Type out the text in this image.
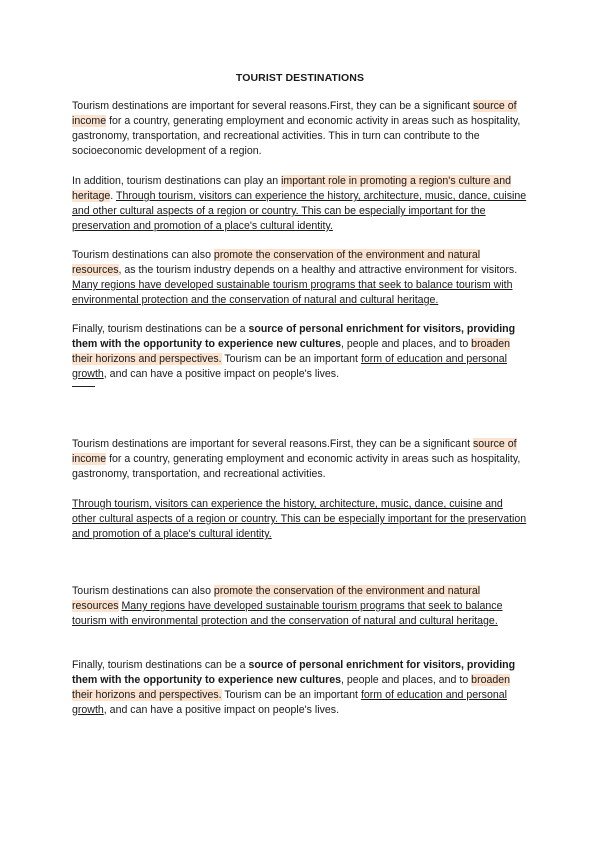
TOURIST DESTINATIONS
Tourism destinations are important for several reasons.First, they can be a significant source of income for a country, generating employment and economic activity in areas such as hospitality, gastronomy, transportation, and recreational activities. This in turn can contribute to the socioeconomic development of a region.
In addition, tourism destinations can play an important role in promoting a region's culture and heritage. Through tourism, visitors can experience the history, architecture, music, dance, cuisine and other cultural aspects of a region or country. This can be especially important for the preservation and promotion of a place's cultural identity.
Tourism destinations can also promote the conservation of the environment and natural resources, as the tourism industry depends on a healthy and attractive environment for visitors. Many regions have developed sustainable tourism programs that seek to balance tourism with environmental protection and the conservation of natural and cultural heritage.
Finally, tourism destinations can be a source of personal enrichment for visitors, providing them with the opportunity to experience new cultures, people and places, and to broaden their horizons and perspectives. Tourism can be an important form of education and personal growth, and can have a positive impact on people's lives.
Tourism destinations are important for several reasons.First, they can be a significant source of income for a country, generating employment and economic activity in areas such as hospitality, gastronomy, transportation, and recreational activities.
Through tourism, visitors can experience the history, architecture, music, dance, cuisine and other cultural aspects of a region or country. This can be especially important for the preservation and promotion of a place's cultural identity.
Tourism destinations can also promote the conservation of the environment and natural resources Many regions have developed sustainable tourism programs that seek to balance tourism with environmental protection and the conservation of natural and cultural heritage.
Finally, tourism destinations can be a source of personal enrichment for visitors, providing them with the opportunity to experience new cultures, people and places, and to broaden their horizons and perspectives. Tourism can be an important form of education and personal growth, and can have a positive impact on people's lives.
